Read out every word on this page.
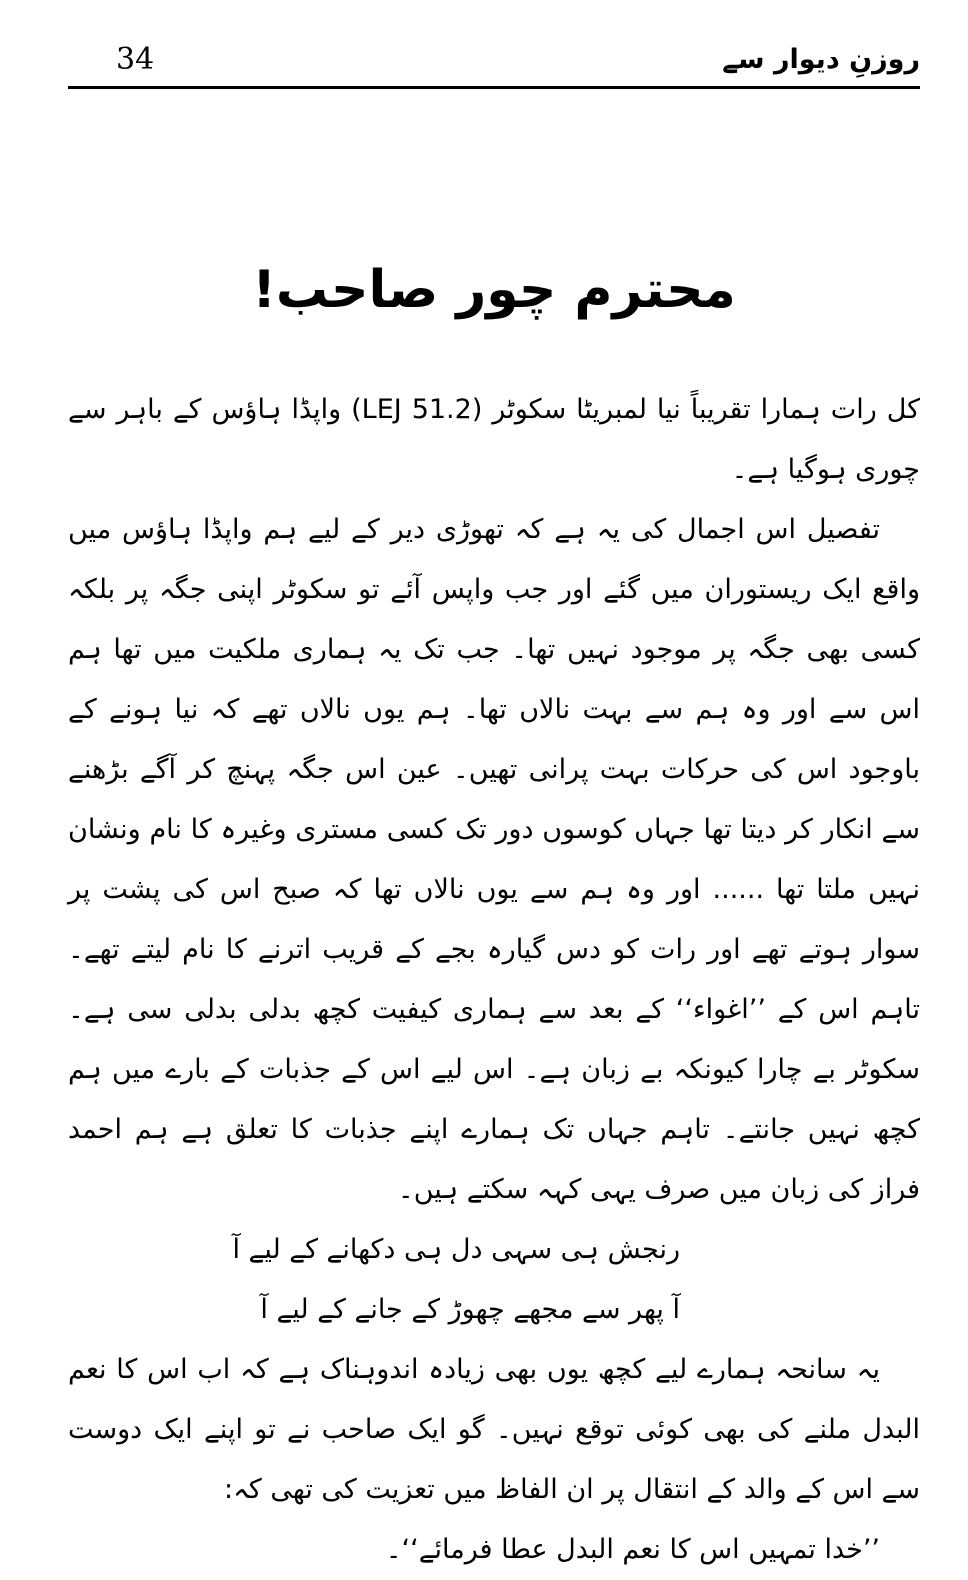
34	روزنِ دیوار سے
محترم چور صاحب!

کل رات ہمارا تقریباً نیا لمبریٹا سکوٹر (LEJ 51.2) واپڈا ہاؤس کے باہر سے چوری ہوگیا ہے۔

تفصیل اس اجمال کی یہ ہے کہ تھوڑی دیر کے لیے ہم واپڈا ہاؤس میں واقع ایک ریستوران میں گئے اور جب واپس آئے تو سکوٹر اپنی جگہ پر بلکہ کسی بھی جگہ پر موجود نہیں تھا۔ جب تک یہ ہماری ملکیت میں تھا ہم اس سے اور وہ ہم سے بہت نالاں تھا۔ ہم یوں نالاں تھے کہ نیا ہونے کے باوجود اس کی حرکات بہت پرانی تھیں۔ عین اس جگہ پہنچ کر آگے بڑھنے سے انکار کر دیتا تھا جہاں کوسوں دور تک کسی مستری وغیرہ کا نام ونشان نہیں ملتا تھا ...... اور وہ ہم سے یوں نالاں تھا کہ صبح اس کی پشت پر سوار ہوتے تھے اور رات کو دس گیارہ بجے کے قریب اترنے کا نام لیتے تھے۔ تاہم اس کے ’’اغواء‘‘ کے بعد سے ہماری کیفیت کچھ بدلی بدلی سی ہے۔ سکوٹر بے چارا کیونکہ بے زبان ہے۔ اس لیے اس کے جذبات کے بارے میں ہم کچھ نہیں جانتے۔ تاہم جہاں تک ہمارے اپنے جذبات کا تعلق ہے ہم احمد فراز کی زبان میں صرف یہی کہہ سکتے ہیں۔

رنجش ہی سہی دل ہی دکھانے کے لیے آ
آ پھر سے مجھے چھوڑ کے جانے کے لیے آ

یہ سانحہ ہمارے لیے کچھ یوں بھی زیادہ اندوہناک ہے کہ اب اس کا نعم البدل ملنے کی بھی کوئی توقع نہیں۔ گو ایک صاحب نے تو اپنے ایک دوست سے اس کے والد کے انتقال پر ان الفاظ میں تعزیت کی تھی کہ:

’’خدا تمہیں اس کا نعم البدل عطا فرمائے‘‘۔
